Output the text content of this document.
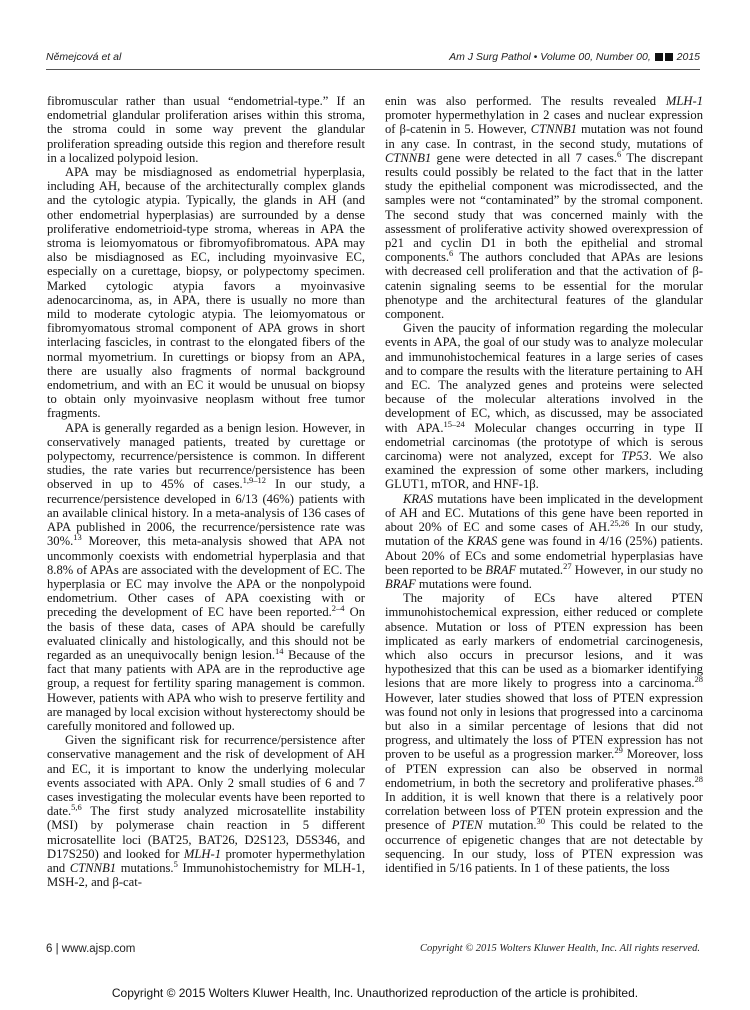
Němejcová et al	Am J Surg Pathol • Volume 00, Number 00, 2015

fibromuscular rather than usual “endometrial-type.” If an endometrial glandular proliferation arises within this stroma, the stroma could in some way prevent the glandular proliferation spreading outside this region and therefore result in a localized polypoid lesion.

APA may be misdiagnosed as endometrial hyperplasia, including AH, because of the architecturally complex glands and the cytologic atypia. Typically, the glands in AH (and other endometrial hyperplasias) are surrounded by a dense proliferative endometrioid-type stroma, whereas in APA the stroma is leiomyomatous or fibromyofibromatous. APA may also be misdiagnosed as EC, including myoinvasive EC, especially on a curettage, biopsy, or polypectomy specimen. Marked cytologic atypia favors a myoinvasive adenocarcinoma, as, in APA, there is usually no more than mild to moderate cytologic atypia. The leiomyomatous or fibromyomatous stromal component of APA grows in short interlacing fascicles, in contrast to the elongated fibers of the normal myometrium. In curettings or biopsy from an APA, there are usually also fragments of normal background endometrium, and with an EC it would be unusual on biopsy to obtain only myoinvasive neoplasm without free tumor fragments.

APA is generally regarded as a benign lesion. However, in conservatively managed patients, treated by curettage or polypectomy, recurrence/persistence is common. In different studies, the rate varies but recurrence/persistence has been observed in up to 45% of cases.$^{1,9-12}$ In our study, a recurrence/persistence developed in 6/13 (46%) patients with an available clinical history. In a meta-analysis of 136 cases of APA published in 2006, the recurrence/persistence rate was 30%.$^{13}$ Moreover, this meta-analysis showed that APA not uncommonly coexists with endometrial hyperplasia and that 8.8% of APAs are associated with the development of EC. The hyperplasia or EC may involve the APA or the nonpolypoid endometrium. Other cases of APA coexisting with or preceding the development of EC have been reported.$^{2-4}$ On the basis of these data, cases of APA should be carefully evaluated clinically and histologically, and this should not be regarded as an unequivocally benign lesion.$^{14}$ Because of the fact that many patients with APA are in the reproductive age group, a request for fertility sparing management is common. However, patients with APA who wish to preserve fertility and are managed by local excision without hysterectomy should be carefully monitored and followed up.

Given the significant risk for recurrence/persistence after conservative management and the risk of development of AH and EC, it is important to know the underlying molecular events associated with APA. Only 2 small studies of 6 and 7 cases investigating the molecular events have been reported to date.$^{5,6}$ The first study analyzed microsatellite instability (MSI) by polymerase chain reaction in 5 different microsatellite loci (BAT25, BAT26, D2S123, D5S346, and D17S250) and looked for MLH-1 promoter hypermethylation and CTNNB1 mutations.$^5$ Immunohistochemistry for MLH-1, MSH-2, and β-cat-

enin was also performed. The results revealed MLH-1 promoter hypermethylation in 2 cases and nuclear expression of β-catenin in 5. However, CTNNB1 mutation was not found in any case. In contrast, in the second study, mutations of CTNNB1 gene were detected in all 7 cases.$^6$ The discrepant results could possibly be related to the fact that in the latter study the epithelial component was microdissected, and the samples were not “contaminated” by the stromal component. The second study that was concerned mainly with the assessment of proliferative activity showed overexpression of p21 and cyclin D1 in both the epithelial and stromal components.$^6$ The authors concluded that APAs are lesions with decreased cell proliferation and that the activation of β-catenin signaling seems to be essential for the morular phenotype and the architectural features of the glandular component.

Given the paucity of information regarding the molecular events in APA, the goal of our study was to analyze molecular and immunohistochemical features in a large series of cases and to compare the results with the literature pertaining to AH and EC. The analyzed genes and proteins were selected because of the molecular alterations involved in the development of EC, which, as discussed, may be associated with APA.$^{15-24}$ Molecular changes occurring in type II endometrial carcinomas (the prototype of which is serous carcinoma) were not analyzed, except for TP53. We also examined the expression of some other markers, including GLUT1, mTOR, and HNF-1β.

KRAS mutations have been implicated in the development of AH and EC. Mutations of this gene have been reported in about 20% of EC and some cases of AH.$^{25,26}$ In our study, mutation of the KRAS gene was found in 4/16 (25%) patients. About 20% of ECs and some endometrial hyperplasias have been reported to be BRAF mutated.$^{27}$ However, in our study no BRAF mutations were found.

The majority of ECs have altered PTEN immunohistochemical expression, either reduced or complete absence. Mutation or loss of PTEN expression has been implicated as early markers of endometrial carcinogenesis, which also occurs in precursor lesions, and it was hypothesized that this can be used as a biomarker identifying lesions that are more likely to progress into a carcinoma.$^{28}$ However, later studies showed that loss of PTEN expression was found not only in lesions that progressed into a carcinoma but also in a similar percentage of lesions that did not progress, and ultimately the loss of PTEN expression has not proven to be useful as a progression marker.$^{29}$ Moreover, loss of PTEN expression can also be observed in normal endometrium, in both the secretory and proliferative phases.$^{28}$ In addition, it is well known that there is a relatively poor correlation between loss of PTEN protein expression and the presence of PTEN mutation.$^{30}$ This could be related to the occurrence of epigenetic changes that are not detectable by sequencing. In our study, loss of PTEN expression was identified in 5/16 patients. In 1 of these patients, the loss

6 | www.ajsp.com	Copyright © 2015 Wolters Kluwer Health, Inc. All rights reserved.
Copyright © 2015 Wolters Kluwer Health, Inc. Unauthorized reproduction of the article is prohibited.
